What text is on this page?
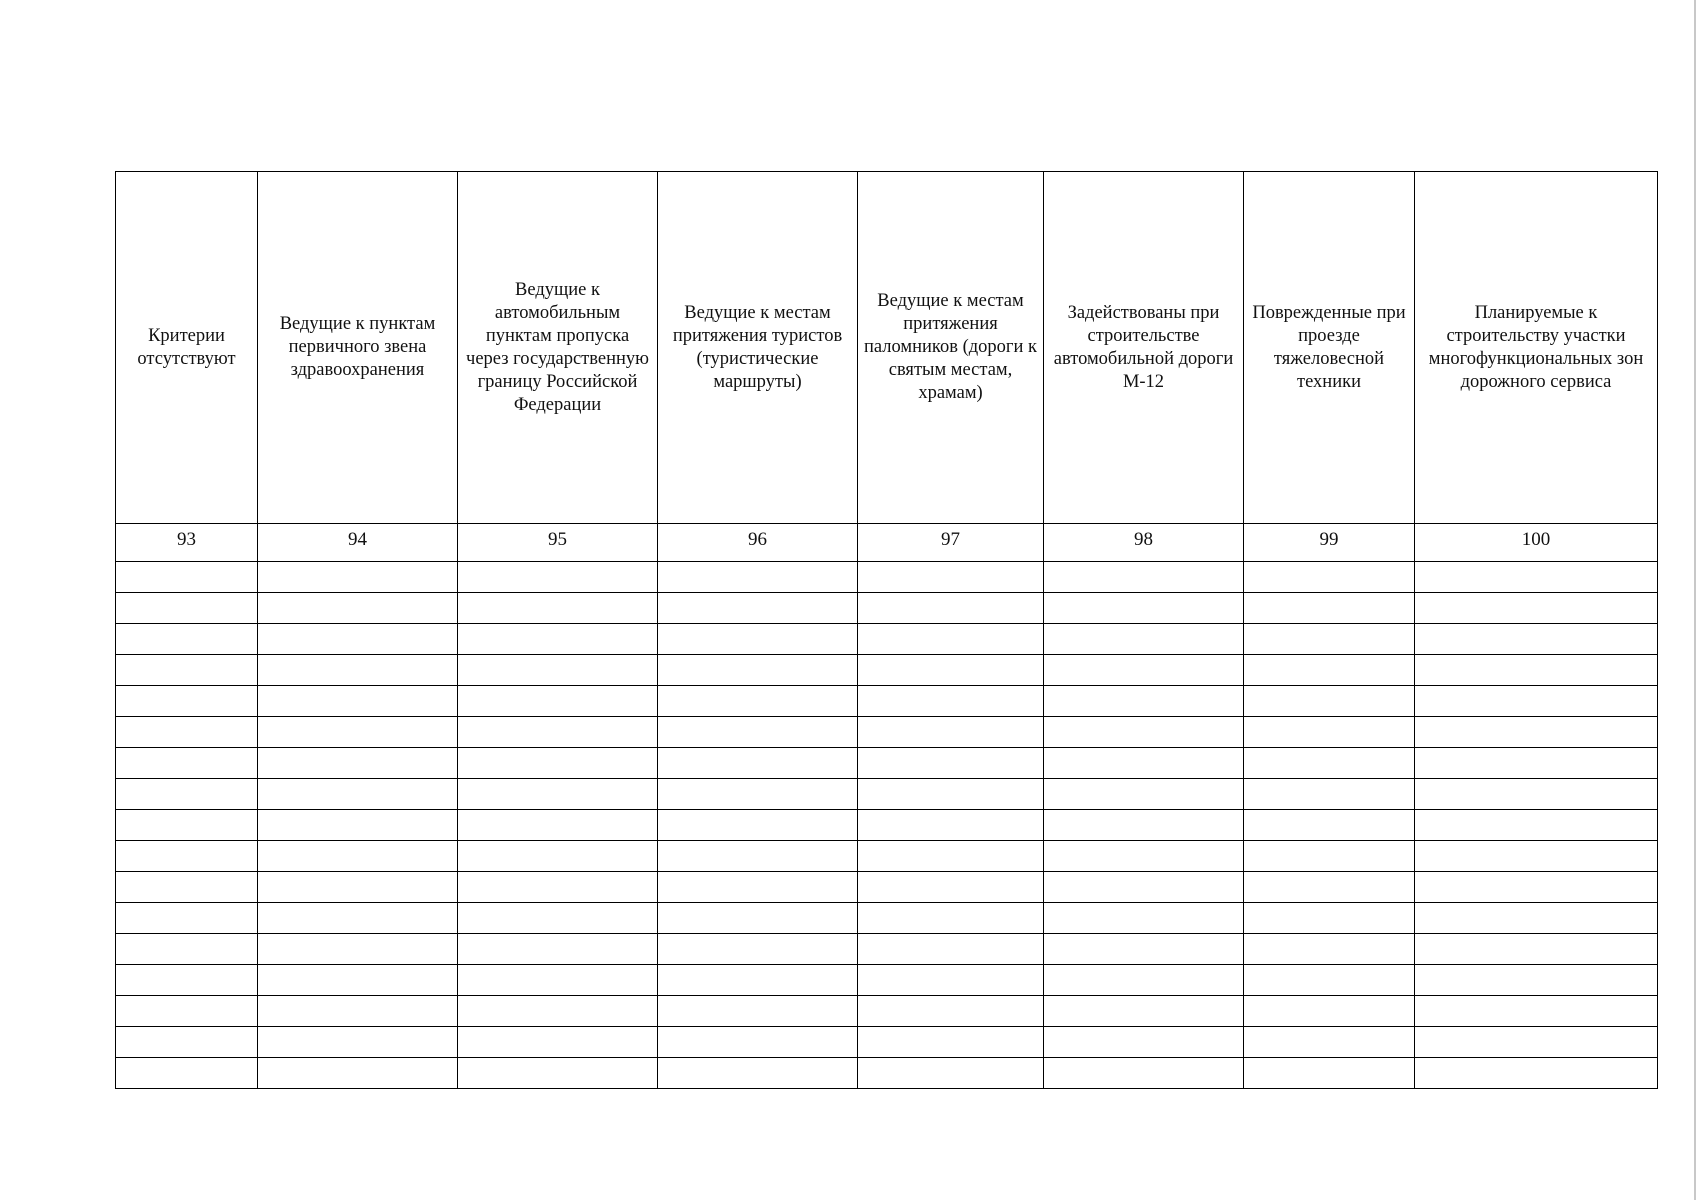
Критерии отсутствуют	Ведущие к пунктам первичного звена здравоохранения	Ведущие к автомобильным пунктам пропуска через государственную границу Российской Федерации	Ведущие к местам притяжения туристов (туристические маршруты)	Ведущие к местам притяжения паломников (дороги к святым местам, храмам)	Задействованы при строительстве автомобильной дороги М-12	Поврежденные при проезде тяжеловесной техники	Планируемые к строительству участки многофункциональных зон дорожного сервиса
93	94	95	96	97	98	99	100
